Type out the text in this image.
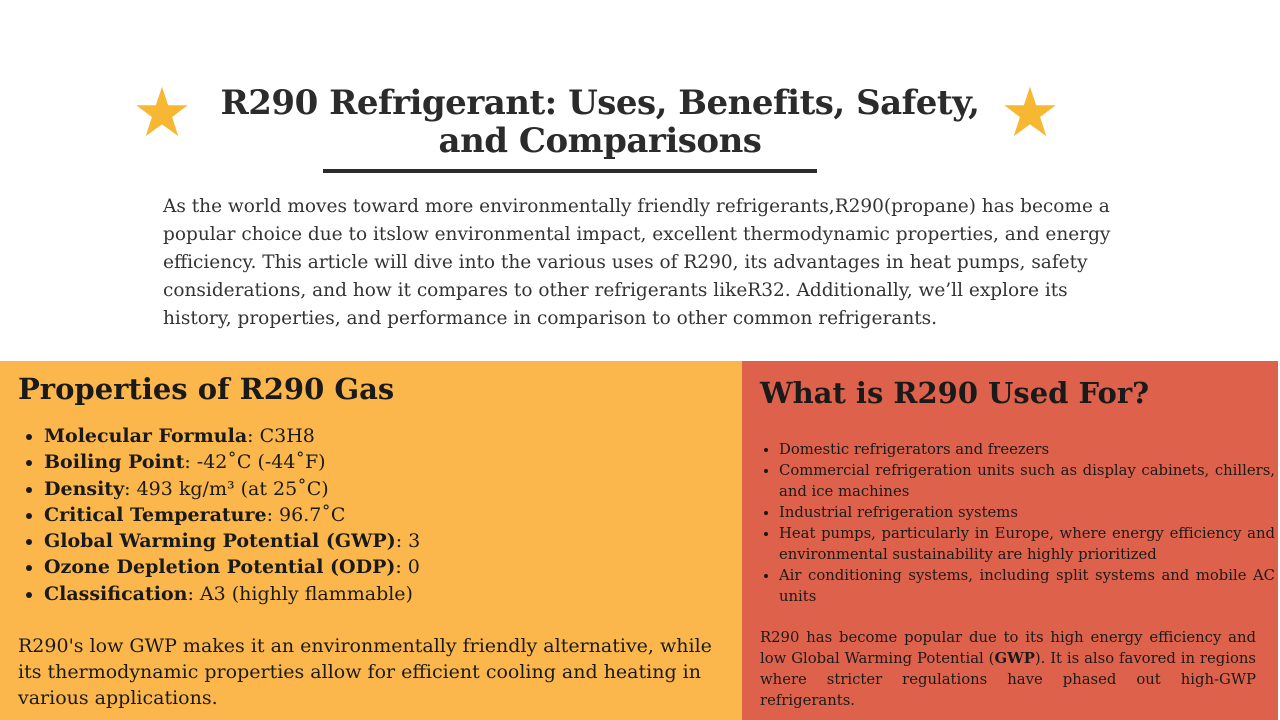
R290 Refrigerant: Uses, Benefits, Safety, and Comparisons

As the world moves toward more environmentally friendly refrigerants,R290(propane) has become a popular choice due to itslow environmental impact, excellent thermodynamic properties, and energy efficiency. This article will dive into the various uses of R290, its advantages in heat pumps, safety considerations, and how it compares to other refrigerants likeR32. Additionally, we’ll explore its history, properties, and performance in comparison to other common refrigerants.

Properties of R290 Gas
• Molecular Formula: C3H8
• Boiling Point: -42˚C (-44˚F)
• Density: 493 kg/m³ (at 25˚C)
• Critical Temperature: 96.7˚C
• Global Warming Potential (GWP): 3
• Ozone Depletion Potential (ODP): 0
• Classification: A3 (highly flammable)

R290's low GWP makes it an environmentally friendly alternative, while its thermodynamic properties allow for efficient cooling and heating in various applications.

What is R290 Used For?
• Domestic refrigerators and freezers
• Commercial refrigeration units such as display cabinets, chillers, and ice machines
• Industrial refrigeration systems
• Heat pumps, particularly in Europe, where energy efficiency and environmental sustainability are highly prioritized
• Air conditioning systems, including split systems and mobile AC units

R290 has become popular due to its high energy efficiency and low Global Warming Potential (GWP). It is also favored in regions where stricter regulations have phased out high-GWP refrigerants.
